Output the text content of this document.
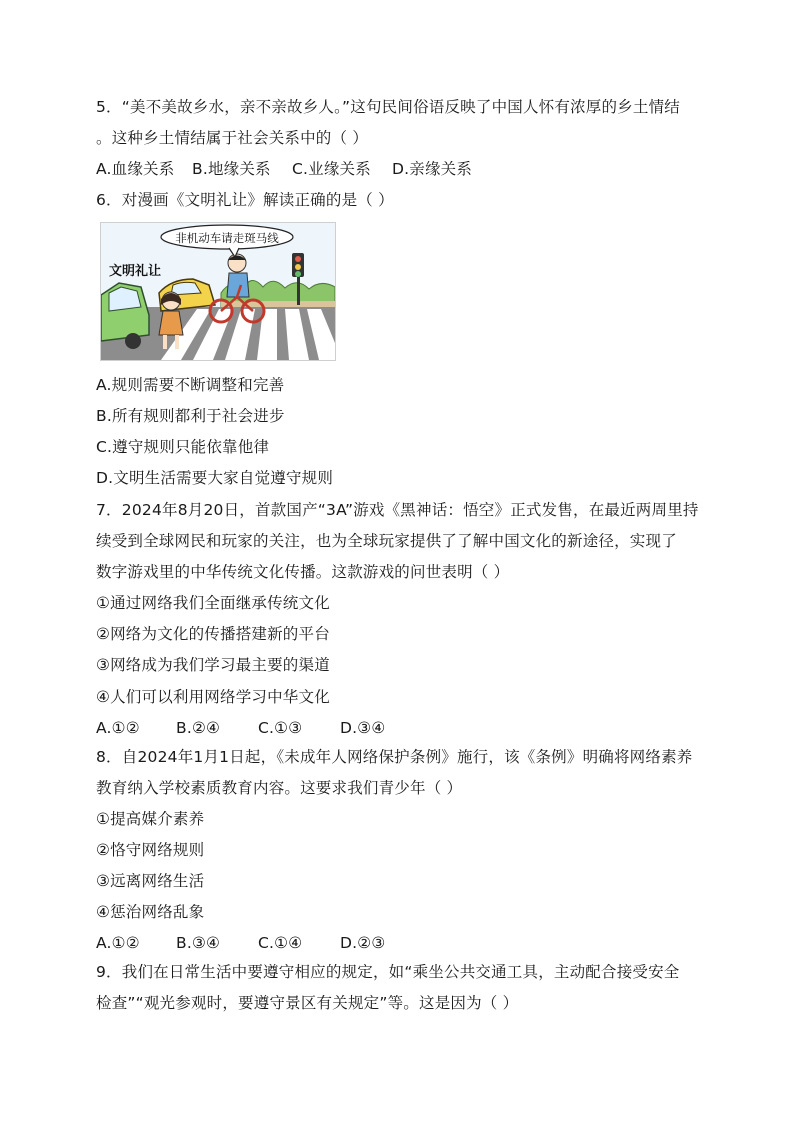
5．“美不美故乡水，亲不亲故乡人。”这句民间俗语反映了中国人怀有浓厚的乡土情结
。这种乡土情结属于社会关系中的（ ）
A.血缘关系 B.地缘关系 C.业缘关系 D.亲缘关系
6．对漫画《文明礼让》解读正确的是（ ）
非机动车请走斑马线
文明礼让
A.规则需要不断调整和完善
B.所有规则都利于社会进步
C.遵守规则只能依靠他律
D.文明生活需要大家自觉遵守规则
7．2024年8月20日，首款国产“3A”游戏《黑神话：悟空》正式发售，在最近两周里持
续受到全球网民和玩家的关注，也为全球玩家提供了了解中国文化的新途径，实现了
数字游戏里的中华传统文化传播。这款游戏的问世表明（ ）
①通过网络我们全面继承传统文化
②网络为文化的传播搭建新的平台
③网络成为我们学习最主要的渠道
④人们可以利用网络学习中华文化
A.①② B.②④ C.①③ D.③④
8．自2024年1月1日起，《未成年人网络保护条例》施行，该《条例》明确将网络素养
教育纳入学校素质教育内容。这要求我们青少年（ ）
①提高媒介素养
②恪守网络规则
③远离网络生活
④惩治网络乱象
A.①② B.③④ C.①④ D.②③
9．我们在日常生活中要遵守相应的规定，如“乘坐公共交通工具，主动配合接受安全
检查”“观光参观时，要遵守景区有关规定”等。这是因为（ ）
